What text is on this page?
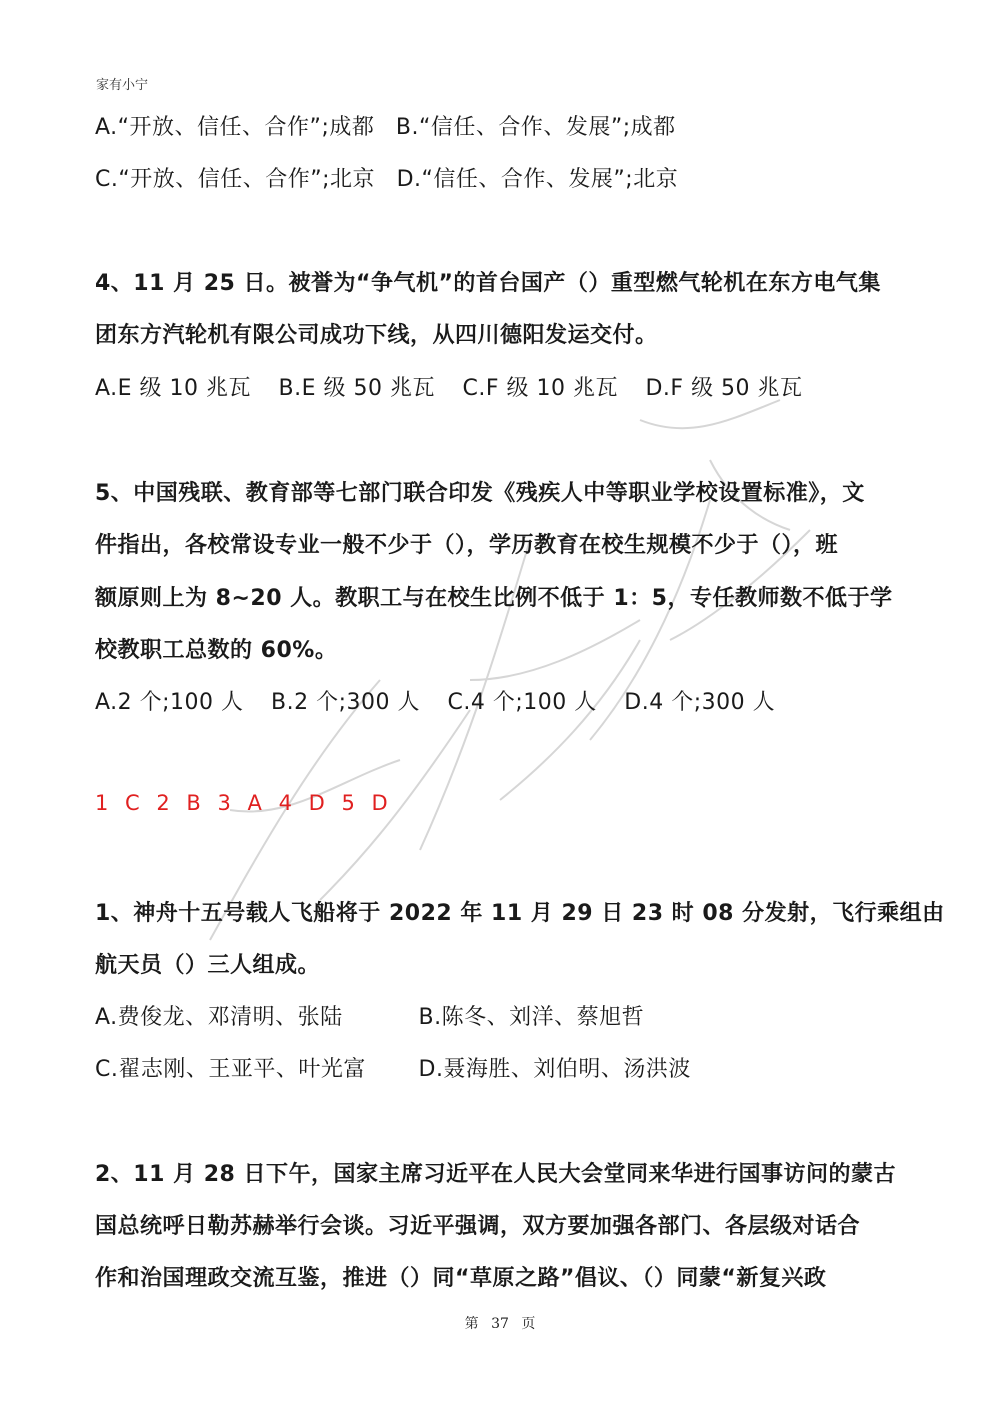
家有小宁
A.“开放、信任、合作”;成都 B.“信任、合作、发展”;成都
C.“开放、信任、合作”;北京 D.“信任、合作、发展”;北京
4、11 月 25 日。被誉为“争气机”的首台国产（）重型燃气轮机在东方电气集
团东方汽轮机有限公司成功下线，从四川德阳发运交付。
A.E 级 10 兆瓦 B.E 级 50 兆瓦 C.F 级 10 兆瓦 D.F 级 50 兆瓦
5、中国残联、教育部等七部门联合印发《残疾人中等职业学校设置标准》，文
件指出，各校常设专业一般不少于（），学历教育在校生规模不少于（），班
额原则上为 8~20 人。教职工与在校生比例不低于 1：5，专任教师数不低于学
校教职工总数的 60%。
A.2 个;100 人 B.2 个;300 人 C.4 个;100 人 D.4 个;300 人
1 C 2 B 3 A 4 D 5 D
1、神舟十五号载人飞船将于 2022 年 11 月 29 日 23 时 08 分发射，飞行乘组由
航天员（）三人组成。
A.费俊龙、邓清明、张陆	B.陈冬、刘洋、蔡旭哲
C.翟志刚、王亚平、叶光富 D.聂海胜、刘伯明、汤洪波
2、11 月 28 日下午，国家主席习近平在人民大会堂同来华进行国事访问的蒙古
国总统呼日勒苏赫举行会谈。习近平强调，双方要加强各部门、各层级对话合
作和治国理政交流互鉴，推进（）同“草原之路”倡议、（）同蒙“新复兴政
第 37 页
